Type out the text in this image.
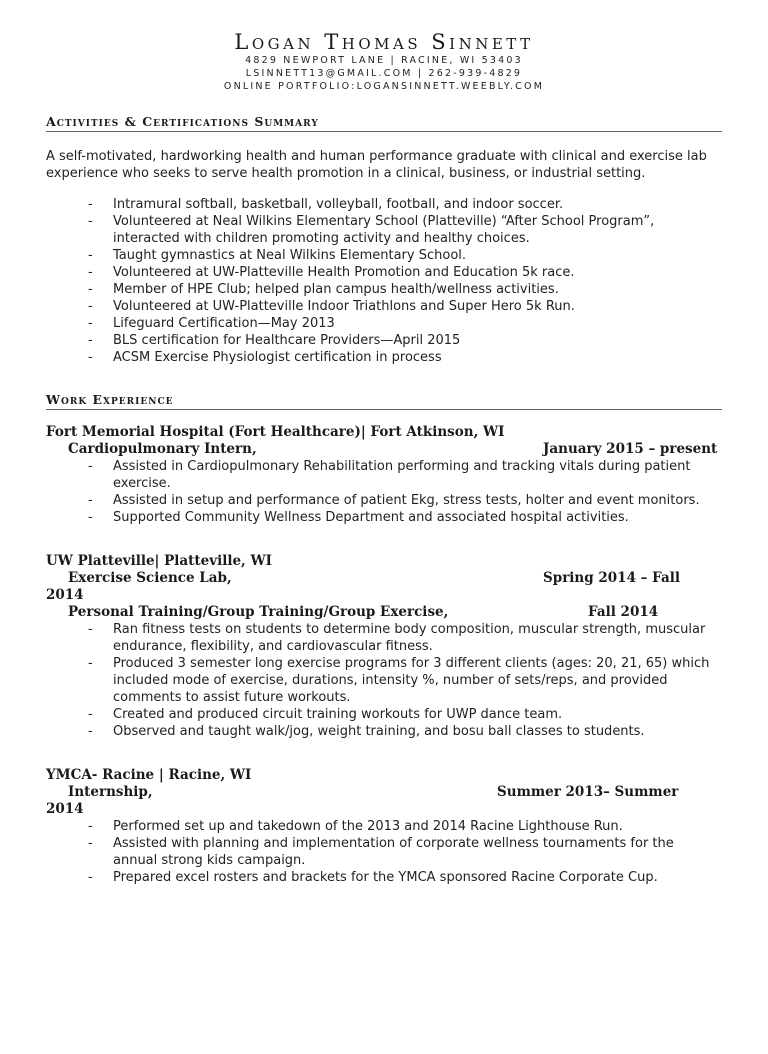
Logan Thomas Sinnett
4829 NEWPORT LANE | RACINE, WI 53403
LSINNETT13@GMAIL.COM | 262-939-4829
ONLINE PORTFOLIO:LOGANSINNETT.WEEBLY.COM
Activities & Certifications Summary
A self-motivated, hardworking health and human performance graduate with clinical and exercise lab experience who seeks to serve health promotion in a clinical, business, or industrial setting.
- Intramural softball, basketball, volleyball, football, and indoor soccer.
- Volunteered at Neal Wilkins Elementary School (Platteville) “After School Program”, interacted with children promoting activity and healthy choices.
- Taught gymnastics at Neal Wilkins Elementary School.
- Volunteered at UW-Platteville Health Promotion and Education 5k race.
- Member of HPE Club; helped plan campus health/wellness activities.
- Volunteered at UW-Platteville Indoor Triathlons and Super Hero 5k Run.
- Lifeguard Certification—May 2013
- BLS certification for Healthcare Providers—April 2015
- ACSM Exercise Physiologist certification in process
Work Experience
Fort Memorial Hospital (Fort Healthcare)| Fort Atkinson, WI
Cardiopulmonary Intern,	January 2015 – present
- Assisted in Cardiopulmonary Rehabilitation performing and tracking vitals during patient exercise.
- Assisted in setup and performance of patient Ekg, stress tests, holter and event monitors.
- Supported Community Wellness Department and associated hospital activities.
UW Platteville| Platteville, WI
Exercise Science Lab,	Spring 2014 – Fall
2014
Personal Training/Group Training/Group Exercise,	Fall 2014
- Ran fitness tests on students to determine body composition, muscular strength, muscular endurance, flexibility, and cardiovascular fitness.
- Produced 3 semester long exercise programs for 3 different clients (ages: 20, 21, 65) which included mode of exercise, durations, intensity %, number of sets/reps, and provided comments to assist future workouts.
- Created and produced circuit training workouts for UWP dance team.
- Observed and taught walk/jog, weight training, and bosu ball classes to students.
YMCA- Racine | Racine, WI
Internship,	Summer 2013– Summer
2014
- Performed set up and takedown of the 2013 and 2014 Racine Lighthouse Run.
- Assisted with planning and implementation of corporate wellness tournaments for the annual strong kids campaign.
- Prepared excel rosters and brackets for the YMCA sponsored Racine Corporate Cup.
